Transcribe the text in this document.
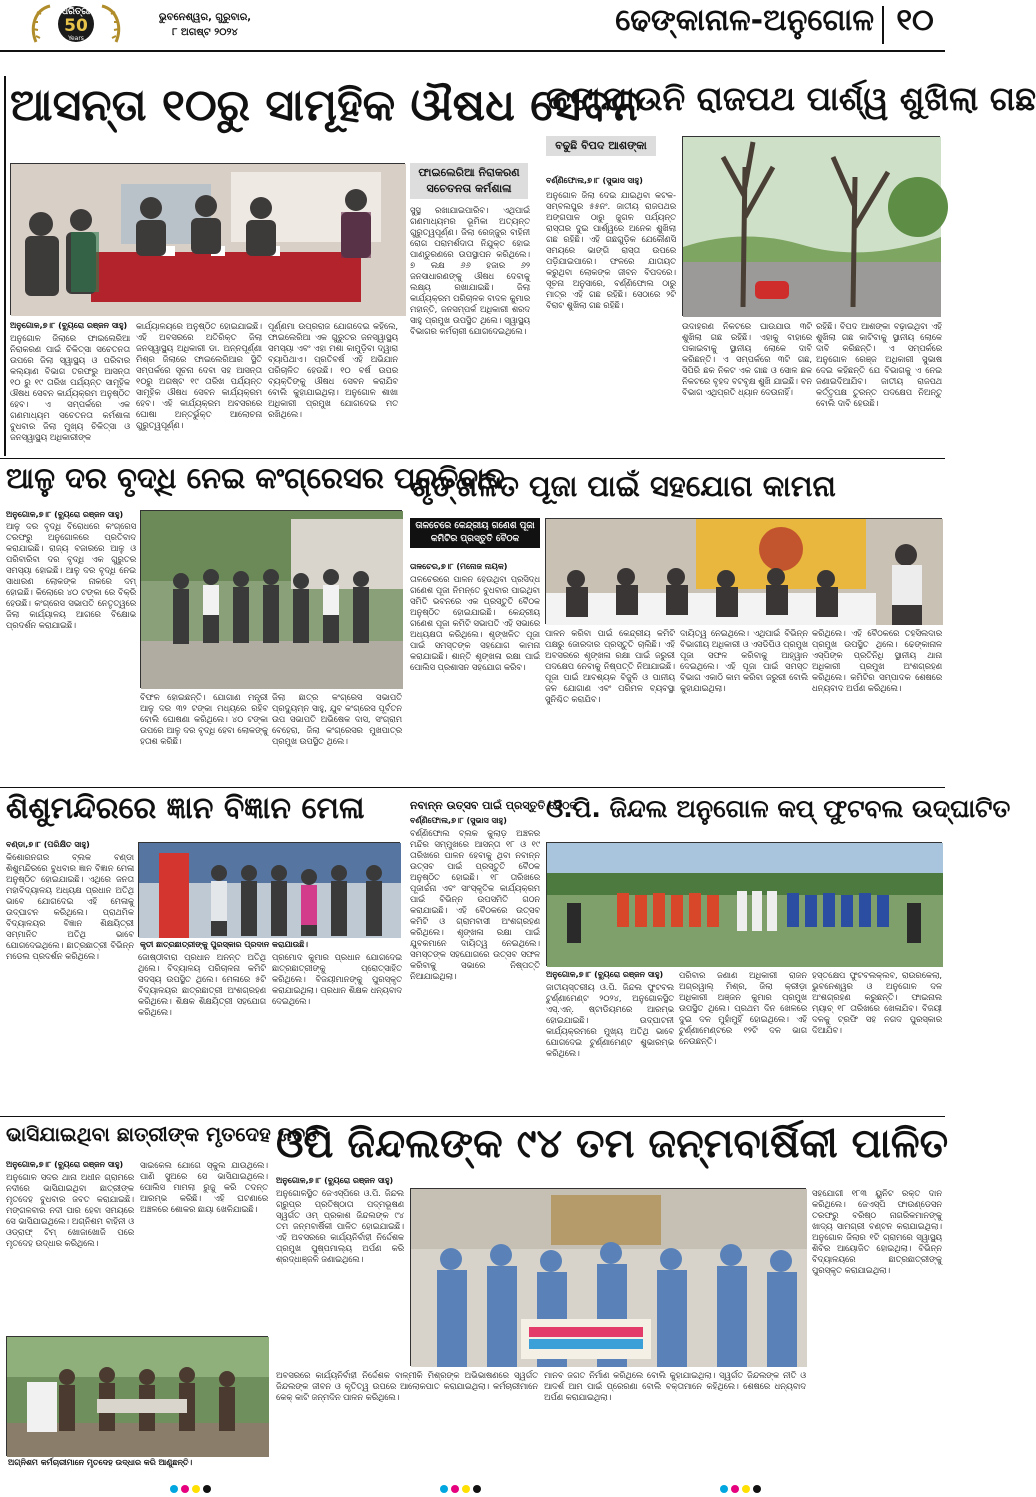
ଧରିତ୍ରୀ
50
Years
ଭୁବନେଶ୍ୱର, ଗୁରୁବାର,
୮ ଅଗଷ୍ଟ ୨୦୨୪	ଢେଙ୍କାନାଳ-ଅନୁଗୋଳ ୧୦
ଆସନ୍ତା ୧୦ରୁ ସାମୂହିକ ଔଷଧ ସେବନ
ଫାଇଲେରିଆ ନିରାକରଣ ସଚେତନତା କର୍ମଶାଳା
ସୁସ୍ଥ ରଖାଯାଇପାରିବ। ଏଥିପାଇଁ ଗଣମାଧ୍ୟମର ଭୂମିକା ଅତ୍ୟନ୍ତ ଗୁରୁତ୍ୱପୂର୍ଣ୍ଣ। ଜିଲା ରେଜ୍ଜୁର ବାହିନୀ ରୋଗ ପରାମର୍ଶଦାତା ନିଯୁକ୍ତ ହୋଇ ପାଣ୍ଡୁରଣରେ ଉପସ୍ଥାପନ କରିଥିଲେ। ୭ ଲକ୍ଷ ୬୬ ହଜାର ୬୨ ଜନସାଧାରଣଙ୍କୁ ଔଷଧ ଦେବାକୁ ଲକ୍ଷ୍ୟ ରଖାଯାଇଛି। ଜିଲା କାର୍ଯ୍ୟକ୍ରମ ପରିଚାଳକ ବାଦଳ କୁମାର ମହାନ୍ତି, ଜନସମ୍ପର୍କ ଅଧିକାରୀ ଶରଦ ସାହୁ ପ୍ରମୁଖ ଉପସ୍ଥିତ ଥିଲେ। ସ୍ୱାସ୍ଥ୍ୟ ବିଭାଗର କର୍ମଚାରୀ ଯୋଗଦେଇଥିଲେ।
ଅନୁଗୋଳ,୭।୮ (ବ୍ୟୁରୋ ରଞ୍ଜନ ସାହୁ)
ଅନୁଗୋଳ ଜିଲାରେ ଫାଇଲେରିଆ ନିରାକରଣ ପାଇଁ ଚିକିତ୍ସା ସଚେତନତା ଉପରେ ଜିଲା ସ୍ୱାସ୍ଥ୍ୟ ଓ ପରିବାର କଲ୍ୟାଣ ବିଭାଗ ତରଫରୁ ଆସନ୍ତା ୧୦ ରୁ ୧୯ ତାରିଖ ପର୍ଯ୍ୟନ୍ତ ସାମୂହିକ ଔଷଧ ସେବନ କାର୍ଯ୍ୟକ୍ରମ ଅନୁଷ୍ଠିତ ହେବ। ଏ ସମ୍ପର୍କରେ ଏକ ଗଣମାଧ୍ୟମ ସଚେତନତା କର୍ମଶାଳା ବୁଧବାର ଜିଲା ମୁଖ୍ୟ ଚିକିତ୍ସା ଓ ଜନସ୍ୱାସ୍ଥ୍ୟ ଅଧିକାରୀଙ୍କ
କାର୍ଯ୍ୟାଳୟରେ ଅନୁଷ୍ଠିତ ହୋଇଯାଇଛି। ଏହି ଅବସରରେ ଅତିରିକ୍ତ ଜିଲା ଜନସ୍ୱାସ୍ଥ୍ୟ ଅଧିକାରୀ ଡା. ଅନ୍ନପୂର୍ଣ୍ଣା ମିଶ୍ର ଜିଲାରେ ଫାଇଲେରିଆର ସ୍ଥିତି ସମ୍ପର୍କରେ ସୂଚନା ଦେବା ସହ ଆସନ୍ତା ୧୦ରୁ ଅଗଷ୍ଟ ୧୯ ତାରିଖ ପର୍ଯ୍ୟନ୍ତ ସାମୂହିକ ଔଷଧ ସେବନ କାର୍ଯ୍ୟକ୍ରମ ହେବ। ଏହି କାର୍ଯ୍ୟକ୍ରମ ଅବସରରେ ଘୋଷା ଅନ୍ତର୍ଭୁକ୍ତ ଆଲୋଚନା ଗୁରୁତ୍ୱପୂର୍ଣ୍ଣ।
ପୂର୍ଣ୍ଣମା ଉପ୍ରରାଜ ଯୋଗଦେଇ କହିଲେ, ଫାଇଲେରିଆ ଏକ ଗୁରୁତର ଜନସ୍ୱାସ୍ଥ୍ୟ ସମସ୍ୟା ଏବଂ ଏହା ମଶା କାମୁଡ଼ିବା ଦ୍ୱାରା ବ୍ୟାପିଥାଏ। ପ୍ରତିବର୍ଷ ଏହି ଅଭିଯାନ ପରିଚାଳିତ ହେଉଛି। ୧୦ ବର୍ଷ ଉପର ବ୍ୟକ୍ତିଙ୍କୁ ଔଷଧ ସେବନ କରାଯିବ ବୋଲି କୁହାଯାଇଥିଲା। ଅନୁଗୋଳ ଶାଖା ଅଧିକାରୀ ପ୍ରମୁଖ ଯୋଗଦେଇ ମତ ରଖିଥିଲେ।
କଟାଯାଉନି ରାଜପଥ ପାର୍ଶ୍ୱ ଶୁଖିଲା ଗଛ
ବଢୁଛି ବିପଦ ଆଶଙ୍କା
ବର୍ଣ୍ଣିଫୋଲ,୭।୮ (ସୁଭାସ ସାହୁ)
ଅନୁଗୋଳ ଜିଲା ଦେଇ ଯାଇଥିବା କଟକ-ସମ୍ବଲପୁର ୫୫ନଂ. ଜାତୀୟ ରାଜପଥର ଅଙ୍ଗପାଳ ଠାରୁ ଜୁଗଳ ପର୍ଯ୍ୟନ୍ତ ରାସ୍ତାର ଦୁଇ ପାର୍ଶ୍ୱରେ ଅନେକ ଶୁଖିଲା ଗଛ ରହିଛି। ଏହି ଗଛଗୁଡ଼ିକ ଯେକୌଣସି ସମୟରେ ଭାଙ୍ଗି ରାସ୍ତା ଉପରେ ପଡ଼ିଯାଇପାରେ। ଫଳରେ ଯାତାୟତ କରୁଥିବା ଲୋକଙ୍କ ଜୀବନ ବିପଦରେ। ସୂଚନା ଅନୁସାରେ, ବର୍ଣ୍ଣିଫୋଲ ଠାରୁ ମାତ୍ର ଏହି ଗଛ ରହିଛି। ସେଠାରେ ୨ଟି ବିରାଟ ଶୁଖିଲା ଗଛ ରହିଛି।
ଉଦାହରଣ ନିକଟରେ ଘାଉଯାଉ ୩ଟି ଶୁଖିଲା ଗଛ ରହିଛି। ଏହାକୁ ବାହାରେ ପକାଇବାକୁ ସ୍ଥାନୀୟ ଲୋକେ ଦାବି କରିଛନ୍ତି। ଏ ସମ୍ପର୍କରେ ୩ଟି ଗଛ, ସିପିରି ଛକ ନିକଟ ଏକ ଗାଛ ଓ ସୋଳ ଛକ ନିକଟରେ ବୃହଦ ବଟବୃକ୍ଷ ଶୁଖି ଯାଇଛି। ବନ ବିଭାଗ ଏଥିପ୍ରତି ଧ୍ୟାନ ଦେଉନାହିଁ।
ରହିଛି। ବିପଦ ଆଶଙ୍କା ବଢ଼ାଇଥିବା ଏହି ଶୁଖିଲା ଗଛ କାଟିବାକୁ ସ୍ଥାନୀୟ ଲୋକେ ଦାବି କରିଛନ୍ତି। ଏ ସମ୍ପର୍କରେ ଅନୁଗୋଳ ରେଞ୍ଜ ଅଧିକାରୀ ସୁଭାଷ ଦେଇ କହିଛନ୍ତି ଯେ ବିଭାଗକୁ ଏ ନେଇ ଜଣାଇଦିଆଯିବ। ଜାତୀୟ ରାଜପଥ କର୍ତ୍ତୃପକ୍ଷ ତୁରନ୍ତ ପଦକ୍ଷେପ ନିଅନ୍ତୁ ବୋଲି ଦାବି ହେଉଛି।
ଆଳୁ ଦର ବୃଦ୍ଧି ନେଇ କଂଗ୍ରେସର ପ୍ରତିବାଦ
ଅନୁଗୋଳ,୭।୮ (ବ୍ୟୁରୋ ରଞ୍ଜନ ସାହୁ)
ଆଳୁ ଦର ବୃଦ୍ଧି ବିରୋଧରେ କଂଗ୍ରେସ ତରଫରୁ ଅନୁଗୋଳରେ ପ୍ରତିବାଦ କରାଯାଇଛି। ରାଜ୍ୟ ବଜାରରେ ଆଳୁ ଓ ପରିବାରିବା ଦର ବୃଦ୍ଧି ଏକ ଗୁରୁତର ସମସ୍ୟା ହୋଇଛି। ଆଳୁ ଦର ବୃଦ୍ଧି ନେଇ ସାଧାରଣ ଲୋକଙ୍କ ନାକରେ ଦମ୍ ହୋଇଛି। କିଲୋରେ ୪୦ ଟଙ୍କା ରେ ବିକ୍ରି ହେଉଛି। କଂଗ୍ରେସ ସଭାପତି ନେତୃତ୍ୱରେ ଜିଲା କାର୍ଯ୍ୟାଳୟ ଆଗରେ ବିକ୍ଷୋଭ ପ୍ରଦର୍ଶନ କରାଯାଇଛି।
ବିଫଳ ହୋଇଛନ୍ତି। ଯୋଗାଣ ମନ୍ତ୍ରୀ ଆଳୁ ଦର ୩୨ ଟଙ୍କା ମଧ୍ୟରେ ରହିବ ବୋଲି ଘୋଷଣା କରିଥିଲେ। ୪୦ ଟଙ୍କା ଉପରେ ଆଳୁ ଦର ବୃଦ୍ଧି ହେବା ଲୋକଙ୍କୁ ହତାଶ କରିଛି।
ଜିଲା ଛାତ୍ର କଂଗ୍ରେସ ସଭାପତି ପ୍ରଦ୍ୟୁମ୍ନ ସାହୁ, ଯୁବ କଂଗ୍ରେସ ପୂର୍ବତନ ଉପ ସଭାପତି ଅଭିଷେକ ଦାସ, ସଂଗ୍ରାମ ବେହେରା, ଜିଲା କଂଗ୍ରେସର ମୁଖପାତ୍ର ପ୍ରମୁଖ ଉପସ୍ଥିତ ଥିଲେ।
ଶୃଙ୍ଖଳିତ ପୂଜା ପାଇଁ ସହଯୋଗ କାମନା
ତାଳଚେରେ କେନ୍ଦ୍ରୀୟ ଗଣେଶ ପୂଜା କମିଟିର ପ୍ରସ୍ତୁତି ବୈଠକ
ତାଳଚେର,୭।୮ (ମନୋଜ ନାୟକ)
ତାଳଚେରରେ ପାଳନ ହେଉଥିବା ପ୍ରସିଦ୍ଧ ଗଣେଶ ପୂଜା ନିମନ୍ତେ ବୁଧବାର ପାଇଥିବା ସମିତି ଭବନରେ ଏକ ପ୍ରସ୍ତୁତି ବୈଠକ ଅନୁଷ୍ଠିତ ହୋଇଯାଇଛି। କେନ୍ଦ୍ରୀୟ ଗଣେଶ ପୂଜା କମିଟି ସଭାପତି ଏହି ସଭାରେ ଅଧ୍ୟକ୍ଷତା କରିଥିଲେ। ଶୃଙ୍ଖଳିତ ପୂଜା ପାଇଁ ସମସ୍ତଙ୍କ ସହଯୋଗ କାମନା କରାଯାଇଛି। ଶାନ୍ତି ଶୃଙ୍ଖଳା ରକ୍ଷା ପାଇଁ ପୋଲିସ ପ୍ରଶାସନ ସହଯୋଗ କରିବ।
ପାଳନ କରିବା ପାଇଁ କେନ୍ଦ୍ରୀୟ କମିଟି ପକ୍ଷରୁ ଜୋରଦାର ପ୍ରସ୍ତୁତି ଚାଲିଛି। ଏହି ଅବସରରେ ଶୃଙ୍ଖଳା ରକ୍ଷା ପାଇଁ ଜରୁରୀ ପଦକ୍ଷେପ ନେବାକୁ ନିଷ୍ପତ୍ତି ନିଆଯାଇଛି। ପୂଜା ପାଇଁ ଆବଶ୍ୟକ ବିଜୁଳି ଓ ପାନୀୟ ଜଳ ଯୋଗାଣ ଏବଂ ପରିମଳ ବ୍ୟବସ୍ଥା ସୁନିଶ୍ଚିତ କରାଯିବ।
ଦାୟିତ୍ୱ ନେଇଥିଲେ। ଏଥିପାଇଁ ବିଭିନ୍ନ ବିଭାଗୀୟ ଅଧିକାରୀ ଓ ଏସଡିପିଓ ପ୍ରମୁଖ ପୂଜା ସଫଳ କରିବାକୁ ଆହ୍ୱାନ ଦେଇଥିଲେ। ଏହି ପୂଜା ପାଇଁ ସମସ୍ତ ବିଭାଗ ଏକାଠି କାମ କରିବା ଜରୁରୀ ବୋଲି କୁହାଯାଇଥିଲା।
କରିଥିଲେ। ଏହି ବୈଠକରେ ତହସିଲଦାର ପ୍ରମୁଖ ଉପସ୍ଥିତ ଥିଲେ। ଢେଙ୍କାନାଳ ଏସ୍‌ପିଙ୍କ ପ୍ରତିନିଧି ସ୍ଥାନୀୟ ଥାନା ଅଧିକାରୀ ପ୍ରମୁଖ ଅଂଶଗ୍ରହଣ କରିଥିଲେ। କମିଟିର ସମ୍ପାଦକ ଶେଷରେ ଧନ୍ୟବାଦ ଅର୍ପଣ କରିଥିଲେ।
ଶିଶୁମନ୍ଦିରରେ ଜ୍ଞାନ ବିଜ୍ଞାନ ମେଳା
ବଣ୍ଡା,୭।୮ (ପରିକ୍ଷିତ ସାହୁ)
କିଶୋରନଗର ବ୍ଲକ ବଣ୍ଡା ଶିଶୁମନ୍ଦିରରେ ବୁଧବାର ଜ୍ଞାନ ବିଜ୍ଞାନ ମେଳା ଅନୁଷ୍ଠିତ ହୋଇଯାଇଛି। ଏଥିରେ ଜନତା ମହାବିଦ୍ୟାଳୟ ଅଧ୍ୟକ୍ଷ ପ୍ରଧାନ ଅତିଥି ଭାବେ ଯୋଗଦେଇ ଏହି ମେଳାକୁ ଉଦ୍‌ଘାଟନ କରିଥିଲେ। ପ୍ରାଥମିକ ବିଦ୍ୟାଳୟର ବିଜ୍ଞାନ ଶିକ୍ଷୟିତ୍ରୀ ସମ୍ମାନିତ ଅତିଥି ଭାବେ ଯୋଗଦେଇଥିଲେ। ଛାତ୍ରଛାତ୍ରୀ ବିଭିନ୍ନ ମଡେଲ ପ୍ରଦର୍ଶନ କରିଥିଲେ।
କୃତୀ ଛାତ୍ରଛାତ୍ରୀଙ୍କୁ ପୁରସ୍କାର ପ୍ରଦାନ କରାଯାଉଛି।
ଜୋଷ୍ଠୀବାରା ପ୍ରଧାନ ଅନନ୍ତ ଅତିଥି ଥିଲେ। ବିଦ୍ୟାଳୟ ପରିଚାଳନା କମିଟି ସଦସ୍ୟ ଉପସ୍ଥିତ ଥିଲେ। ମେଳାରେ ୫ଟି ବିଦ୍ୟାଳୟର ଛାତ୍ରଛାତ୍ରୀ ଅଂଶଗ୍ରହଣ କରିଥିଲେ। ଶିକ୍ଷକ ଶିକ୍ଷୟିତ୍ରୀ ସହଯୋଗ କରିଥିଲେ।
ପ୍ରମୋଦ କୁମାର ପ୍ରଧାନ ଯୋଗଦେଇ ଛାତ୍ରଛାତ୍ରୀଙ୍କୁ ପ୍ରୋତ୍ସାହିତ କରିଥିଲେ। ବିଜୟୀମାନଙ୍କୁ ପୁରସ୍କୃତ କରାଯାଇଥିଲା। ପ୍ରଧାନ ଶିକ୍ଷକ ଧନ୍ୟବାଦ ଦେଇଥିଲେ।
ନବାନ୍ନ ଉତ୍ସବ ପାଇଁ ପ୍ରସ୍ତୁତି ବୈଠକ
ବର୍ଣ୍ଣିଫୋଲ,୭।୮ (ସୁଭାସ ସାହୁ)
ବର୍ଣ୍ଣିଫୋଲ ବ୍ଲକ କୁଲାଡ଼ ଅଞ୍ଚଳର ମନ୍ଦିର ସମ୍ମୁଖରେ ଆସନ୍ତା ୧୮ ଓ ୧୯ ତାରିଖରେ ପାଳନ ହେବାକୁ ଥିବା ନବାନ୍ନ ଉତ୍ସବ ପାଇଁ ପ୍ରସ୍ତୁତି ବୈଠକ ଅନୁଷ୍ଠିତ ହୋଇଛି। ୧୮ ତାରିଖରେ ପୂଜାର୍ଚ୍ଚନା ଏବଂ ସାଂସ୍କୃତିକ କାର୍ଯ୍ୟକ୍ରମ ପାଇଁ ବିଭିନ୍ନ ଉପସମିତି ଗଠନ କରାଯାଇଛି। ଏହି ବୈଠକରେ ଉତ୍ସବ କମିଟି ଓ ଗ୍ରାମବାସୀ ଅଂଶଗ୍ରହଣ କରିଥିଲେ। ଶୃଙ୍ଖଳା ରକ୍ଷା ପାଇଁ ଯୁବକମାନେ ଦାୟିତ୍ୱ ନେଇଥିଲେ। ସମସ୍ତଙ୍କ ସହଯୋଗରେ ଉତ୍ସବ ସଫଳ କରିବାକୁ ସଭାରେ ନିଷ୍ପତ୍ତି ନିଆଯାଇଥିଲା।
ଓ.ପି. ଜିନ୍ଦଲ ଅନୁଗୋଳ କପ୍ ଫୁଟବଲ ଉଦ୍‌ଘାଟିତ
ଅନୁଗୋଳ,୭।୮ (ବ୍ୟୁରୋ ରଞ୍ଜନ ସାହୁ)
ଜାତୀୟସ୍ତରୀୟ ଓ.ପି. ଜିନ୍ଦଲ ଫୁଟବଲ ଟୁର୍ଣ୍ଣାମେଣ୍ଟ ୨୦୨୪, ଅନୁଗୋଳସ୍ଥିତ ଏସ୍.ଏନ୍. ଷ୍ଟାଡିୟମରେ ଆରମ୍ଭ ହୋଇଯାଇଛି। ଉଦ୍‌ଘାଟନୀ କାର୍ଯ୍ୟକ୍ରମରେ ମୁଖ୍ୟ ଅତିଥି ଭାବେ ଯୋଗଦେଇ ଟୁର୍ଣ୍ଣାମେଣ୍ଟ ଶୁଭାରମ୍ଭ କରିଥିଲେ।
ପରିବାର ଜଣାଣ ଅଧିକାରୀ ରାଜନ ଅଗ୍ରୱାଲ୍ ମିଶ୍ର, ଜିଲା କ୍ରୀଡ଼ା ଅଧିକାରୀ ଅଞ୍ଜନ କୁମାର ପ୍ରମୁଖ ଉପସ୍ଥିତ ଥିଲେ। ପ୍ରଥମ ଦିନ ଖେଳରେ ଦୁଇ ଦଳ ମୁହାଁମୁହିଁ ହୋଇଥିଲେ। ଏହି ଟୁର୍ଣ୍ଣାମେଣ୍ଟରେ ୧୨ଟି ଦଳ ଭାଗ ନେଉଛନ୍ତି।
ହସ୍ତକ୍ଷେପ ଫୁଟବଲକ୍ଲବ, ରାଉରକେଲା, ଭୁବନେଶ୍ୱର ଓ ଅନୁଗୋଳ ଦଳ ଅଂଶଗ୍ରହଣ କରୁଛନ୍ତି। ଫାଇନାଲ ମ୍ୟାଚ୍ ୧୮ ତାରିଖରେ ଖେଳାଯିବ। ବିଜୟୀ ଦଳକୁ ଟ୍ରଫି ସହ ନଗଦ ପୁରସ୍କାର ଦିଆଯିବ।
ଭାସିଯାଇଥିବା ଛାତ୍ରୀଙ୍କ ମୃତଦେହ ଜବତ
ଅନୁଗୋଳ,୭।୮ (ବ୍ୟୁରୋ ରଞ୍ଜନ ସାହୁ)
ଅନୁଗୋଳ ସଦର ଥାନା ଅଧୀନ ଗ୍ରାମରେ ନଦୀରେ ଭାସିଯାଇଥିବା ଛାତ୍ରୀଙ୍କ ମୃତଦେହ ବୁଧବାର ଜବତ କରାଯାଇଛି। ମଙ୍ଗଳବାର ନଦୀ ପାର ହେବା ସମୟରେ ସେ ଭାସିଯାଇଥିଲେ। ଅଗ୍ନିଶମ ବାହିନୀ ଓ ଓଡ୍ରାଫ୍ ଟିମ୍ ଖୋଜାଖୋଜି ପରେ ମୃତଦେହ ଉଦ୍ଧାର କରିଥିଲେ।
ସାଇକେଲ ଯୋଗେ ସ୍କୁଲ ଯାଉଥିଲେ। ପାଣି ସୁଅରେ ସେ ଭାସିଯାଇଥିଲେ। ପୋଲିସ ମାମଲା ରୁଜୁ କରି ତଦନ୍ତ ଆରମ୍ଭ କରିଛି। ଏହି ଘଟଣାରେ ଅଞ୍ଚଳରେ ଶୋକର ଛାୟା ଖେଳିଯାଇଛି।
ଅଗ୍ନିଶମ କର୍ମଚାରୀମାନେ ମୃତଦେହ ଉଦ୍ଧାର କରି ଆଣୁଛନ୍ତି।
ଓପି ଜିନ୍ଦଲଙ୍କ ୯୪ ତମ ଜନ୍ମବାର୍ଷିକୀ ପାଳିତ
ଅନୁଗୋଳ,୭।୮ (ବ୍ୟୁରୋ ରଞ୍ଜନ ସାହୁ)
ଅନୁଗୋଳସ୍ଥିତ ଜେଏସ୍‌ପିରେ ଓ.ପି. ଜିନ୍ଦଲ ଗ୍ରୁପ୍‌ର ପ୍ରତିଷ୍ଠାତା ପଦ୍ମଭୂଷଣ ସ୍ୱର୍ଗତ ଓମ୍ ପ୍ରକାଶ ଜିନ୍ଦଲଙ୍କ ୯୪ ତମ ଜନ୍ମବାର୍ଷିକୀ ପାଳିତ ହୋଇଯାଇଛି। ଏହି ଅବସରରେ କାର୍ଯ୍ୟନିର୍ବାହୀ ନିର୍ଦ୍ଦେଶକ ପ୍ରମୁଖ ପୁଷ୍ପମାଲ୍ୟ ଅର୍ପଣ କରି ଶ୍ରଦ୍ଧାଞ୍ଜଳି ଜଣାଇଥିଲେ।
ସହଯୋଗୀ ୧୮୩ ୟୁନିଟ ରକ୍ତ ଦାନ କରିଥିଲେ। ଜେଏସ୍‌ପି ଫାଉଣ୍ଡେସନ ତରଫରୁ ବରିଷ୍ଠ ନାଗରିକମାନଙ୍କୁ ଖାଦ୍ୟ ସାମଗ୍ରୀ ବଣ୍ଟନ କରାଯାଇଥିଲା। ଅନୁଗୋଳ ଜିଲାର ୧ଟି ଗ୍ରାମରେ ସ୍ୱାସ୍ଥ୍ୟ ଶିବିର ଆୟୋଜିତ ହୋଇଥିଲା। ବିଭିନ୍ନ ବିଦ୍ୟାଳୟରେ ଛାତ୍ରଛାତ୍ରୀଙ୍କୁ ପୁରସ୍କୃତ କରାଯାଇଥିଲା।
ଅବସରରେ କାର୍ଯ୍ୟନିର୍ବାହୀ ନିର୍ଦ୍ଦେଶକ ବାଳ୍ମୀକି ମିଶ୍ରଙ୍କ ଅଭିଭାଷଣରେ ସ୍ୱର୍ଗତ ଜିନ୍ଦଲଙ୍କ ଜୀବନ ଓ କୃତିତ୍ୱ ଉପରେ ଆଲୋକପାତ କରାଯାଇଥିଲା। କର୍ମଚାରୀମାନେ କେକ୍ କାଟି ଜନ୍ମଦିନ ପାଳନ କରିଥିଲେ।
ମାନବ ଜଗତ ନିର୍ମାଣ କରିଥିଲେ ବୋଲି କୁହାଯାଇଥିଲା। ସ୍ୱର୍ଗତ ଜିନ୍ଦଲଙ୍କ ନୀତି ଓ ଆଦର୍ଶ ଆମ ପାଇଁ ପ୍ରେରଣା ବୋଲି ବକ୍ତାମାନେ କହିଥିଲେ। ଶେଷରେ ଧନ୍ୟବାଦ ଅର୍ପଣ କରାଯାଇଥିଲା।
